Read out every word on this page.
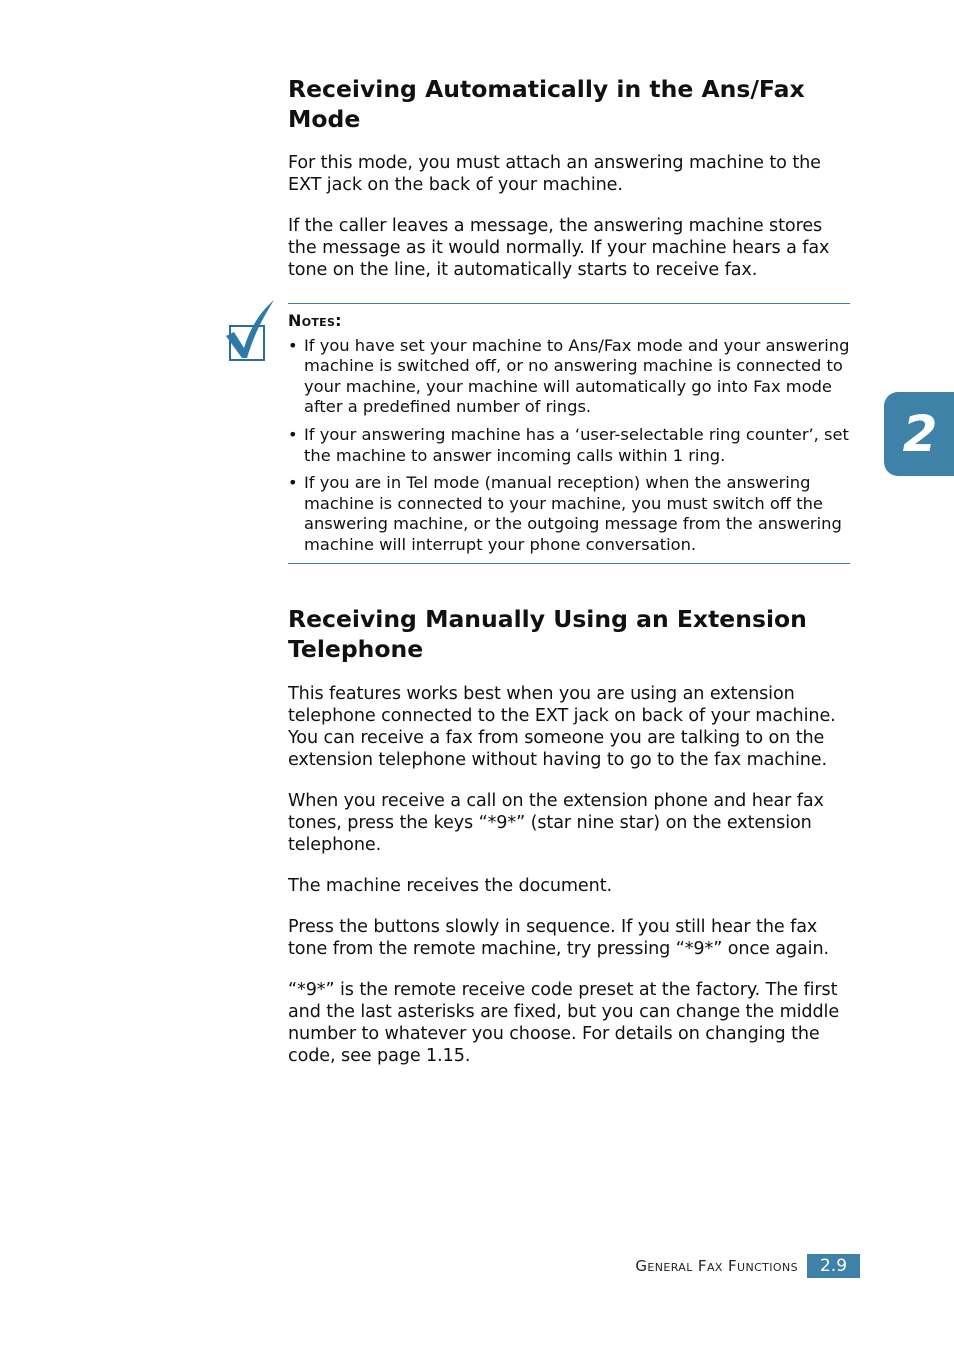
Receiving Automatically in the Ans/Fax Mode

For this mode, you must attach an answering machine to the EXT jack on the back of your machine.

If the caller leaves a message, the answering machine stores the message as it would normally. If your machine hears a fax tone on the line, it automatically starts to receive fax.

Notes:
• If you have set your machine to Ans/Fax mode and your answering machine is switched off, or no answering machine is connected to your machine, your machine will automatically go into Fax mode after a predefined number of rings.
• If your answering machine has a ‘user-selectable ring counter’, set the machine to answer incoming calls within 1 ring.
• If you are in Tel mode (manual reception) when the answering machine is connected to your machine, you must switch off the answering machine, or the outgoing message from the answering machine will interrupt your phone conversation.
Receiving Manually Using an Extension Telephone

This features works best when you are using an extension telephone connected to the EXT jack on back of your machine. You can receive a fax from someone you are talking to on the extension telephone without having to go to the fax machine.

When you receive a call on the extension phone and hear fax tones, press the keys “*9*” (star nine star) on the extension telephone.

The machine receives the document.

Press the buttons slowly in sequence. If you still hear the fax tone from the remote machine, try pressing “*9*” once again.

“*9*” is the remote receive code preset at the factory. The first and the last asterisks are fixed, but you can change the middle number to whatever you choose. For details on changing the code, see page 1.15.

2
General Fax Functions	2.9
